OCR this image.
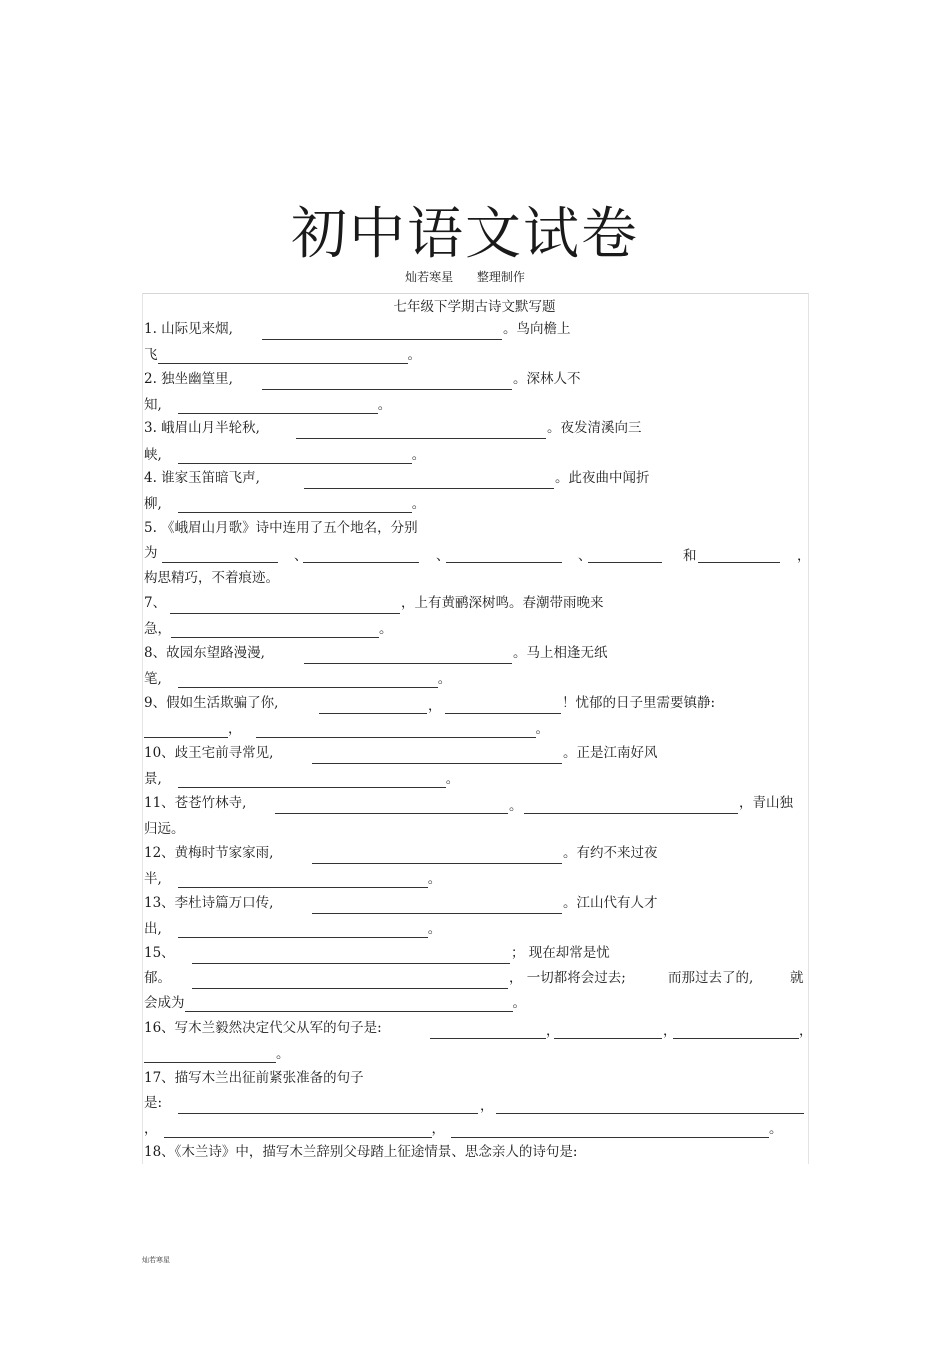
初中语文试卷
灿若寒星 整理制作
七年级下学期古诗文默写题
1. 山际见来烟,	。鸟向檐上
飞	。
2. 独坐幽篁里,	。深林人不
知,	。
3. 峨眉山月半轮秋,	。夜发清溪向三
峡,	。
4. 谁家玉笛暗飞声,	。此夜曲中闻折
柳,	。
5. 《峨眉山月歌》诗中连用了五个地名，分别
为	、	、	、	和	，
构思精巧，不着痕迹。
7、	，上有黄鹂深树鸣。春潮带雨晚来
急，	。
8、故园东望路漫漫,	。马上相逢无纸
笔,	。
9、假如生活欺骗了你,	，	！忧郁的日子里需要镇静:
，	。
10、歧王宅前寻常见,	。正是江南好风
景,	。
11、苍苍竹林寺,	。	，青山独
归远。
12、黄梅时节家家雨,	。有约不来过夜
半,	。
13、李杜诗篇万口传,	。江山代有人才
出,	。
15、	； 现在却常是忧
郁。	， 一切都将会过去;	而那过去了的,	就
会成为	。
16、写木兰毅然决定代父从军的句子是:	，	，	，
。
17、描写木兰出征前紧张准备的句子
是:	，
，	，	。
18、《木兰诗》中，描写木兰辞别父母踏上征途情景、思念亲人的诗句是:
灿若寒星
